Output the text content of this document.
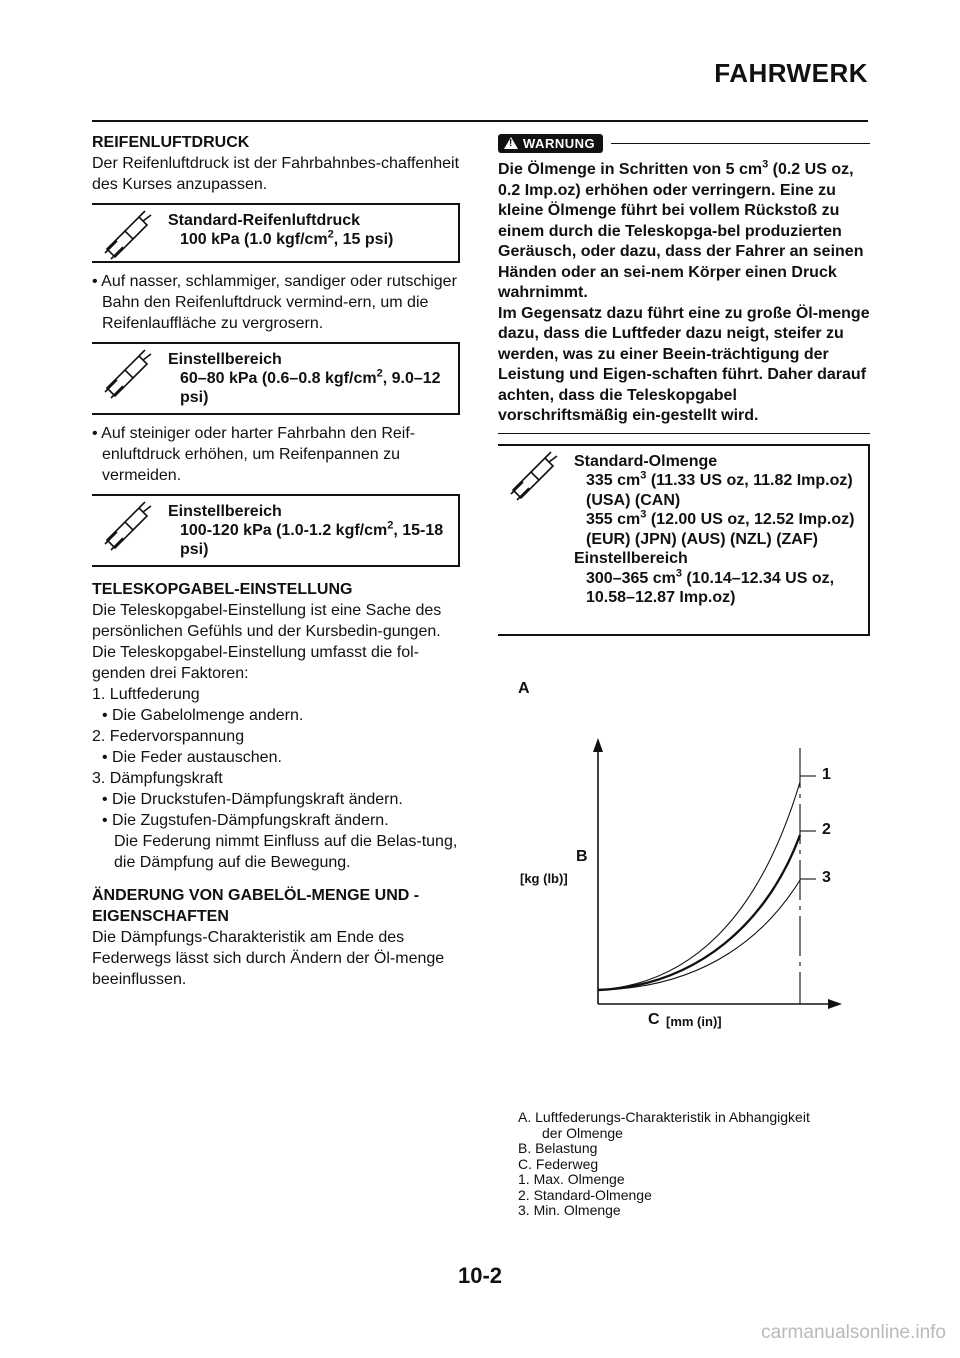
FAHRWERK
REIFENLUFTDRUCK
Der Reifenluftdruck ist der Fahrbahnbes-chaffenheit des Kurses anzupassen.
Standard-Reifenluftdruck
100 kPa (1.0 kgf/$cm^2$, 15 psi)
• Auf nasser, schlammiger, sandiger oder rutschiger Bahn den Reifenluftdruck vermind-ern, um die Reifenlauffläche zu vergrosern.
Einstellbereich
60–80 kPa (0.6–0.8 kgf/$cm^2$, 9.0–12 psi)
• Auf steiniger oder harter Fahrbahn den Reif-enluftdruck erhöhen, um Reifenpannen zu vermeiden.
Einstellbereich
100-120 kPa (1.0-1.2 kgf/$cm^2$, 15-18 psi)
TELESKOPGABEL-EINSTELLUNG
Die Teleskopgabel-Einstellung ist eine Sache des persönlichen Gefühls und der Kursbedin-gungen.
Die Teleskopgabel-Einstellung umfasst die fol-genden drei Faktoren:
1. Luftfederung
• Die Gabelolmenge andern.
2. Federvorspannung
• Die Feder austauschen.
3. Dämpfungskraft
• Die Druckstufen-Dämpfungskraft ändern.
• Die Zugstufen-Dämpfungskraft ändern.
Die Federung nimmt Einfluss auf die Belas-tung, die Dämpfung auf die Bewegung.
ÄNDERUNG VON GABELÖL-MENGE UND -EIGENSCHAFTEN
Die Dämpfungs-Charakteristik am Ende des Federwegs lässt sich durch Ändern der Öl-menge beeinflussen.
! WARNUNG
Die Ölmenge in Schritten von 5 $cm^3$ (0.2 US oz, 0.2 Imp.oz) erhöhen oder verringern. Eine zu kleine Ölmenge führt bei vollem Rückstoß zu einem durch die Teleskopga-bel produzierten Geräusch, oder dazu, dass der Fahrer an seinen Händen oder an sei-nem Körper einen Druck wahrnimmt.
Im Gegensatz dazu führt eine zu große Öl-menge dazu, dass die Luftfeder dazu neigt, steifer zu werden, was zu einer Beein-trächtigung der Leistung und Eigen-schaften führt. Daher darauf achten, dass die Teleskopgabel vorschriftsmäßig ein-gestellt wird.
Standard-Olmenge
335 $cm^3$ (11.33 US oz, 11.82 Imp.oz) (USA) (CAN)
355 $cm^3$ (12.00 US oz, 12.52 Imp.oz) (EUR) (JPN) (AUS) (NZL) (ZAF)
Einstellbereich
300–365 $cm^3$ (10.14–12.34 US oz, 10.58–12.87 Imp.oz)
A
B
[kg (lb)]
C [mm (in)]
1
2
3
A. Luftfederungs-Charakteristik in Abhangigkeit
der Olmenge
B. Belastung
C. Federweg
1. Max. Olmenge
2. Standard-Olmenge
3. Min. Olmenge
10-2
carmanualsonline.info
